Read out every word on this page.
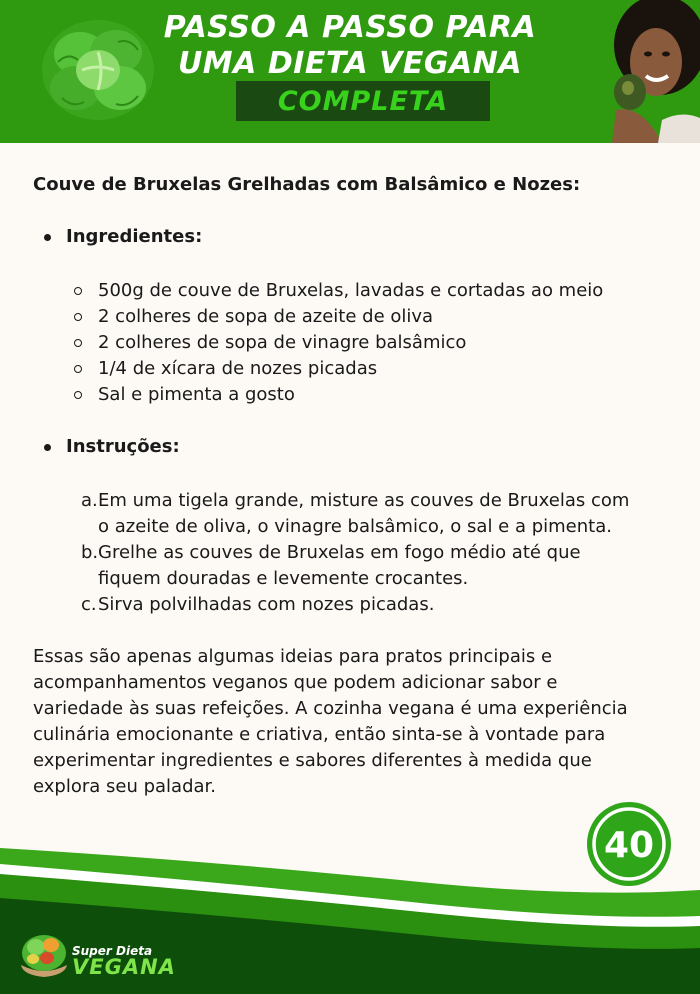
PASSO A PASSO PARA
UMA DIETA VEGANA
COMPLETA

Couve de Bruxelas Grelhadas com Balsâmico e Nozes:

Ingredientes:
500g de couve de Bruxelas, lavadas e cortadas ao meio
2 colheres de sopa de azeite de oliva
2 colheres de sopa de vinagre balsâmico
1/4 de xícara de nozes picadas
Sal e pimenta a gosto
Instruções:
a. Em uma tigela grande, misture as couves de Bruxelas com
o azeite de oliva, o vinagre balsâmico, o sal e a pimenta.
b. Grelhe as couves de Bruxelas em fogo médio até que
fiquem douradas e levemente crocantes.
c. Sirva polvilhadas com nozes picadas.
Essas são apenas algumas ideias para pratos principais e
acompanhamentos veganos que podem adicionar sabor e
variedade às suas refeições. A cozinha vegana é uma experiência
culinária emocionante e criativa, então sinta-se à vontade para
experimentar ingredientes e sabores diferentes à medida que
explora seu paladar.
40
Super Dieta
VEGANA
